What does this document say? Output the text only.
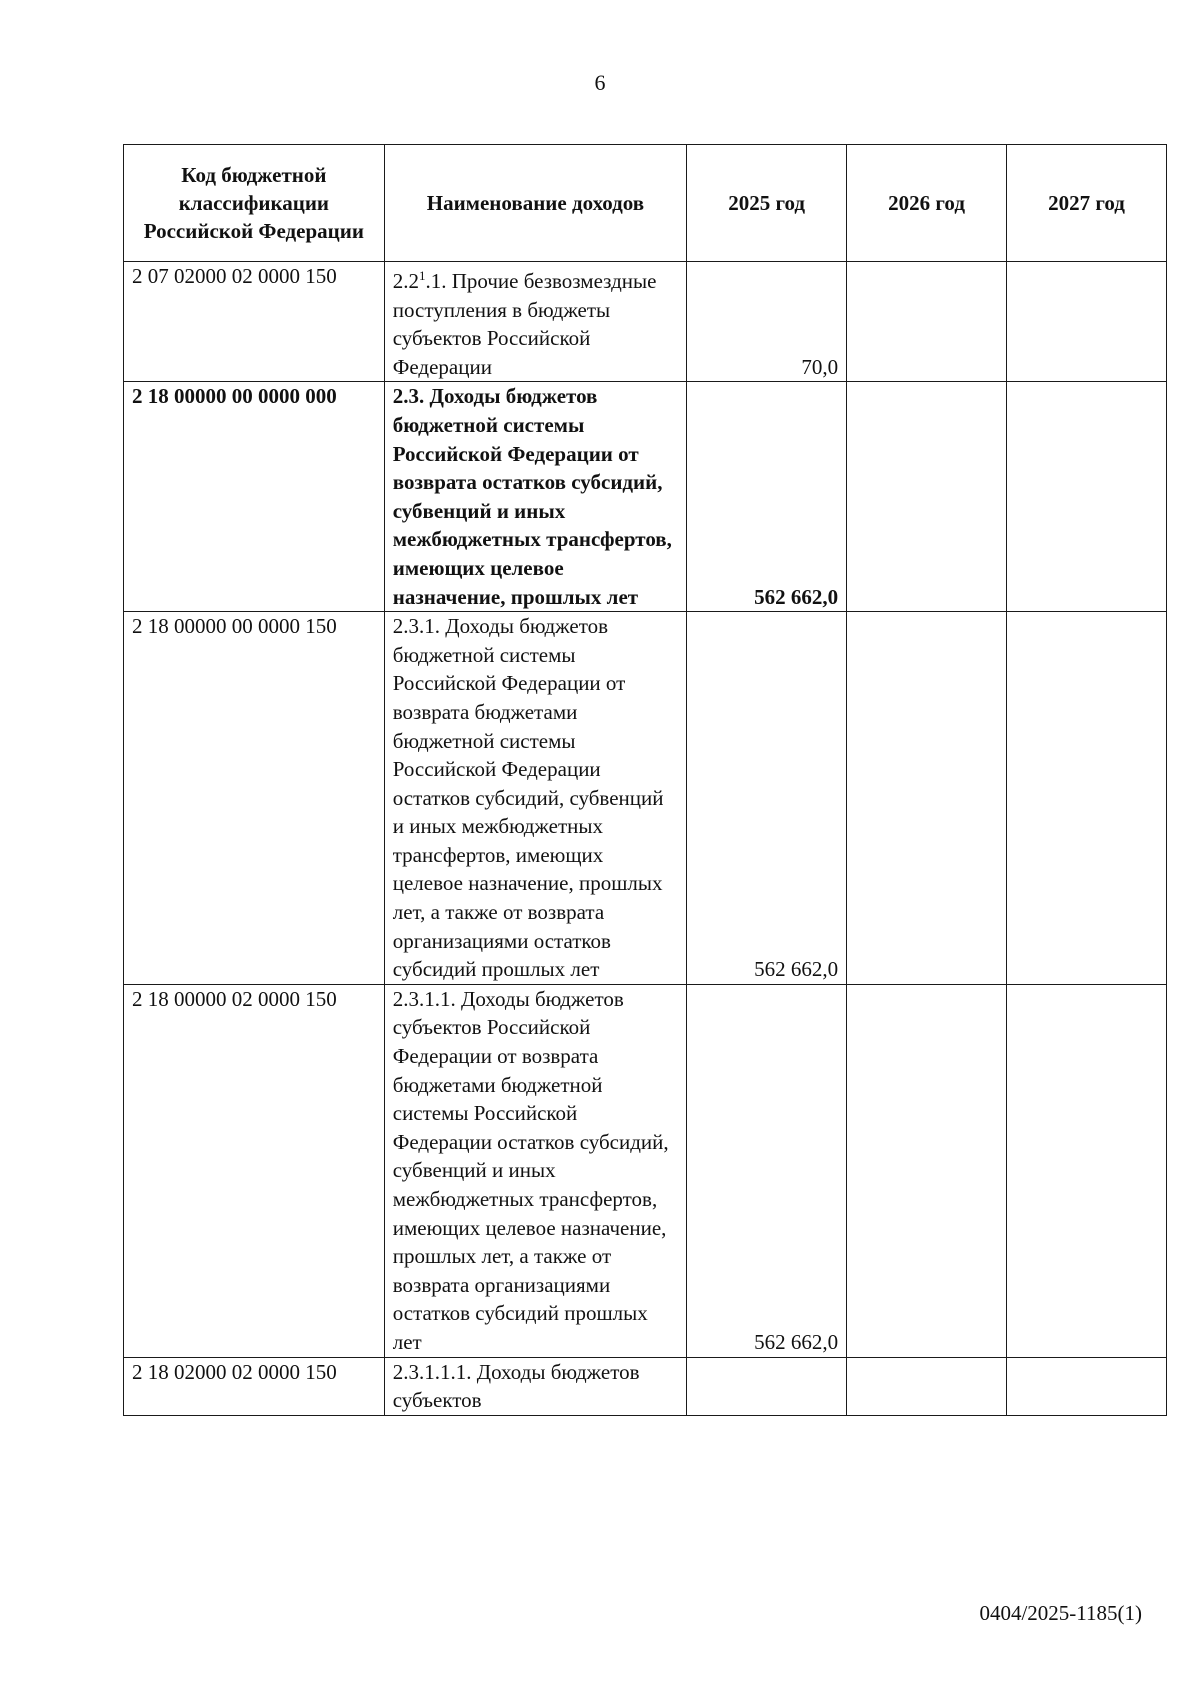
6
Код бюджетной классификации Российской Федерации	Наименование доходов	2025 год	2026 год	2027 год
2 07 02000 02 0000 150	$2.2^1.1$. Прочие безвозмездные поступления в бюджеты субъектов Российской Федерации	70,0		
2 18 00000 00 0000 000	2.3. Доходы бюджетов бюджетной системы Российской Федерации от возврата остатков субсидий, субвенций и иных межбюджетных трансфертов, имеющих целевое назначение, прошлых лет	562 662,0		
2 18 00000 00 0000 150	2.3.1. Доходы бюджетов бюджетной системы Российской Федерации от возврата бюджетами бюджетной системы Российской Федерации остатков субсидий, субвенций и иных межбюджетных трансфертов, имеющих целевое назначение, прошлых лет, а также от возврата организациями остатков субсидий прошлых лет	562 662,0		
2 18 00000 02 0000 150	2.3.1.1. Доходы бюджетов субъектов Российской Федерации от возврата бюджетами бюджетной системы Российской Федерации остатков субсидий, субвенций и иных межбюджетных трансфертов, имеющих целевое назначение, прошлых лет, а также от возврата организациями остатков субсидий прошлых лет	562 662,0		
2 18 02000 02 0000 150	2.3.1.1.1. Доходы бюджетов субъектов			
0404/2025-1185(1)
